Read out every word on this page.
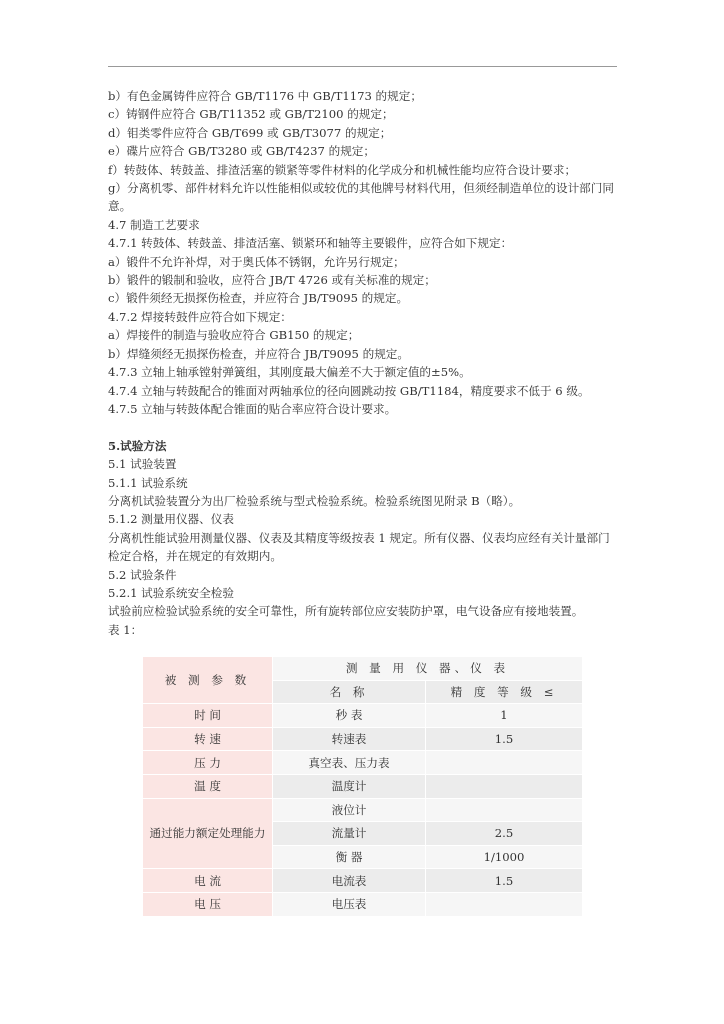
b）有色金属铸件应符合 GB/T1176 中 GB/T1173 的规定；
c）铸钢件应符合 GB/T11352 或 GB/T2100 的规定；
d）钼类零件应符合 GB/T699 或 GB/T3077 的规定；
e）碟片应符合 GB/T3280 或 GB/T4237 的规定；
f）转鼓体、转鼓盖、排渣活塞的锁紧等零件材料的化学成分和机械性能均应符合设计要求；
g）分离机零、部件材料允许以性能相似或较优的其他牌号材料代用，但须经制造单位的设计部门同意。
4.7 制造工艺要求
4.7.1 转鼓体、转鼓盖、排渣活塞、锁紧环和轴等主要锻件，应符合如下规定：
a）锻件不允许补焊，对于奥氏体不锈钢，允许另行规定；
b）锻件的锻制和验收，应符合 JB/T 4726 或有关标准的规定；
c）锻件须经无损探伤检查，并应符合 JB/T9095 的规定。
4.7.2 焊接转鼓件应符合如下规定：
a）焊接件的制造与验收应符合 GB150 的规定；
b）焊缝须经无损探伤检查，并应符合 JB/T9095 的规定。
4.7.3 立轴上轴承镗射弹簧组，其刚度最大偏差不大于额定值的±5%。
4.7.4 立轴与转鼓配合的锥面对两轴承位的径向圆跳动按 GB/T1184，精度要求不低于 6 级。
4.7.5 立轴与转鼓体配合锥面的贴合率应符合设计要求。
5.试验方法
5.1 试验装置
5.1.1 试验系统
分离机试验装置分为出厂检验系统与型式检验系统。检验系统图见附录 B（略）。
5.1.2 测量用仪器、仪表
分离机性能试验用测量仪器、仪表及其精度等级按表 1 规定。所有仪器、仪表均应经有关计量部门检定合格，并在规定的有效期内。
5.2 试验条件
5.2.1 试验系统安全检验
试验前应检验试验系统的安全可靠性，所有旋转部位应安装防护罩，电气设备应有接地装置。
表 1：
被 测 参 数	测 量 用 仪 器、仪 表	
	名 称	精 度 等 级 ≤
时 间	秒 表	1
转 速	转速表	1.5
压 力	真空表、压力表	
温 度	温度计	
通过能力额定处理能力	液位计	
	流量计	2.5
	衡 器	1/1000
电 流	电流表	1.5
电 压	电压表	
